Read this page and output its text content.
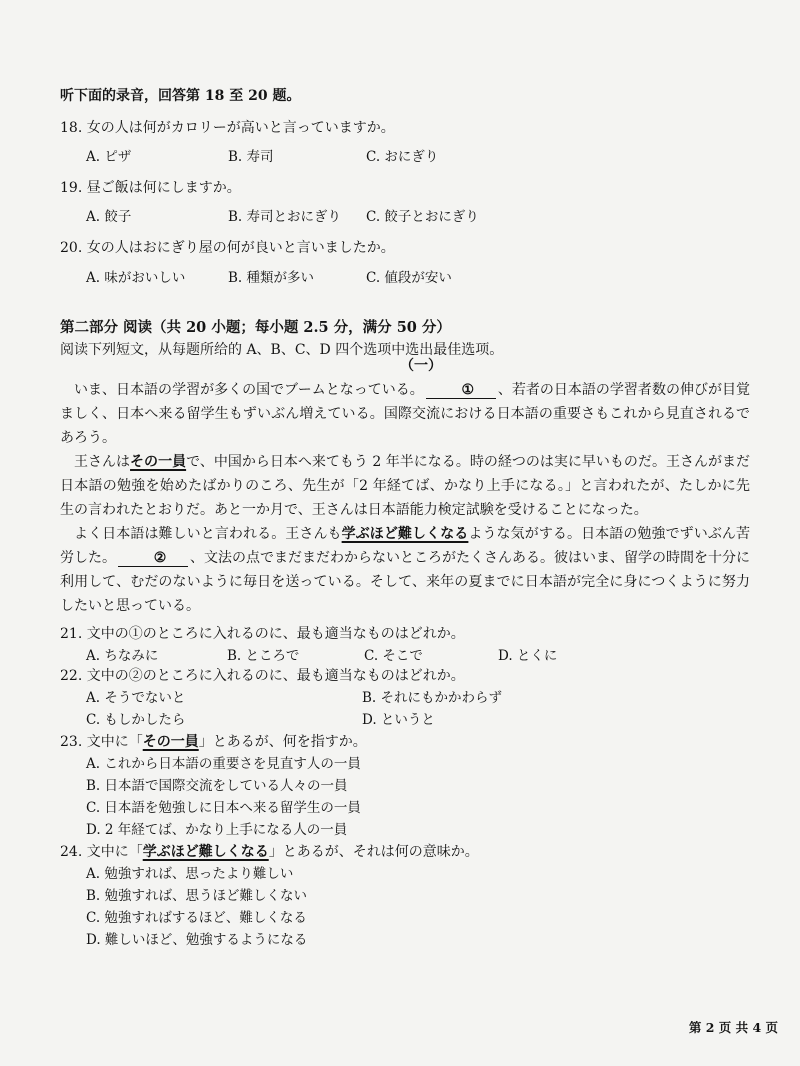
听下面的录音，回答第 18 至 20 题。
18. 女の人は何がカロリーが高いと言っていますか。
A. ピザ	B. 寿司	C. おにぎり
19. 昼ご飯は何にしますか。
A. 餃子	B. 寿司とおにぎり C. 餃子とおにぎり
20. 女の人はおにぎり屋の何が良いと言いましたか。
A. 味がおいしい	B. 種類が多い	C. 値段が安い
第二部分 阅读（共 20 小题；每小题 2.5 分，满分 50 分）
阅读下列短文，从每题所给的 A、B、C、D 四个选项中选出最佳选项。
（一）

いま、日本語の学習が多くの国でブームとなっている。	① 、若者の日本語の学習者数の伸びが目覚ましく、日本へ来る留学生もずいぶん増えている。国際交流における日本語の重要さもこれから見直されるであろう。

王さんはその一員で、中国から日本へ来てもう 2 年半になる。時の経つのは実に早いものだ。王さんがまだ日本語の勉強を始めたばかりのころ、先生が「2 年経てば、かなり上手になる。」と言われたが、たしかに先生の言われたとおりだ。あと一か月で、王さんは日本語能力検定試験を受けることになった。

よく日本語は難しいと言われる。王さんも学ぶほど難しくなるような気がする。日本語の勉強でずいぶん苦労した。	② 、文法の点でまだまだわからないところがたくさんある。彼はいま、留学の時間を十分に利用して、むだのないように毎日を送っている。そして、来年の夏までに日本語が完全に身につくように努力したいと思っている。

21. 文中の①のところに入れるのに、最も適当なものはどれか。
A. ちなみに	B. ところで	C. そこで	D. とくに
22. 文中の②のところに入れるのに、最も適当なものはどれか。
A. そうでないと	B. それにもかかわらず
C. もしかしたら	D. というと
23. 文中に「その一員」とあるが、何を指すか。
A. これから日本語の重要さを見直す人の一員
B. 日本語で国際交流をしている人々の一員
C. 日本語を勉強しに日本へ来る留学生の一員
D. 2 年経てば、かなり上手になる人の一員
24. 文中に「学ぶほど難しくなる」とあるが、それは何の意味か。
A. 勉強すれば、思ったより難しい
B. 勉強すれば、思うほど難しくない
C. 勉強すればするほど、難しくなる
D. 難しいほど、勉強するようになる
第 2 页 共 4 页
